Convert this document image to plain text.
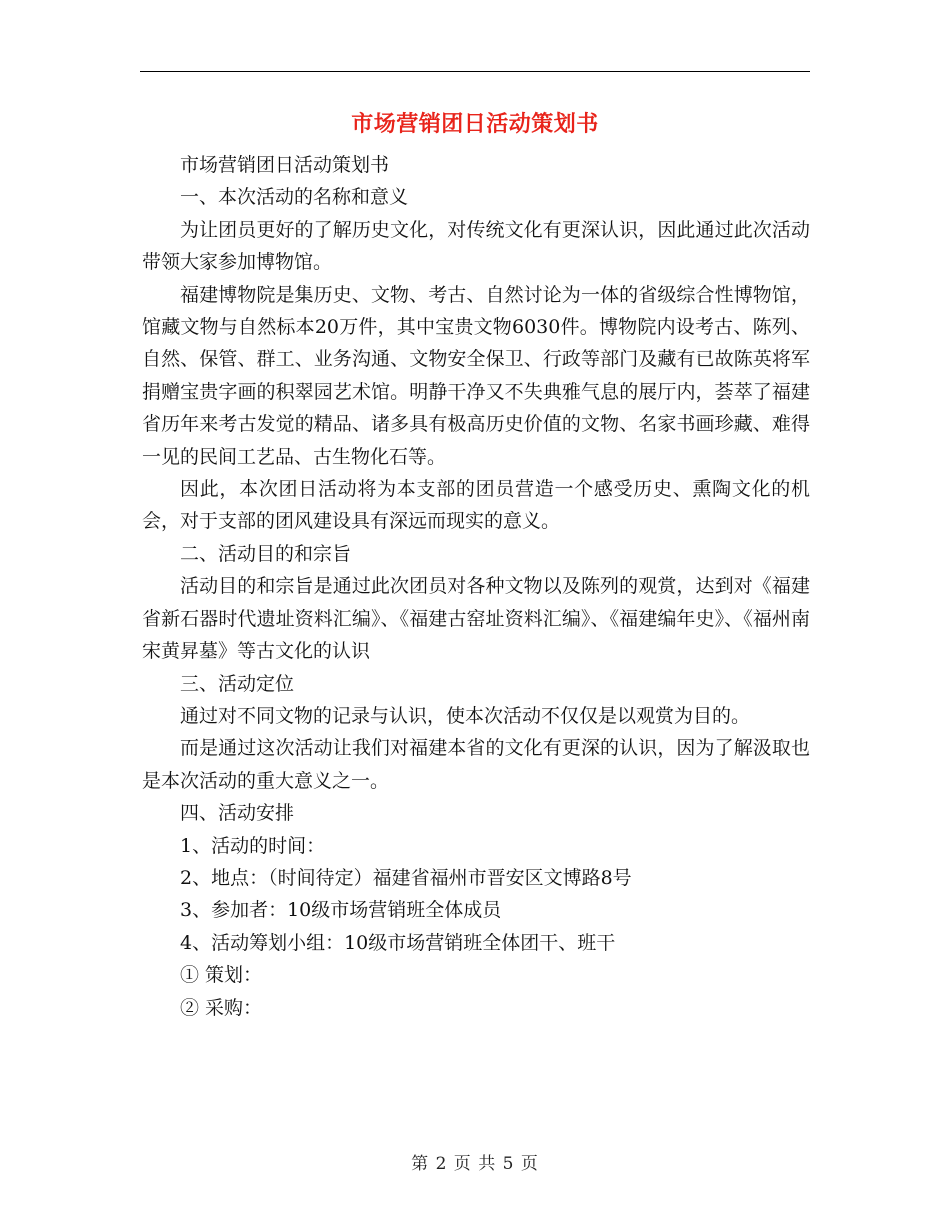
市场营销团日活动策划书

市场营销团日活动策划书

一、本次活动的名称和意义

为让团员更好的了解历史文化，对传统文化有更深认识，因此通过此次活动带领大家参加博物馆。

福建博物院是集历史、文物、考古、自然讨论为一体的省级综合性博物馆，馆藏文物与自然标本20万件，其中宝贵文物6030件。博物院内设考古、陈列、自然、保管、群工、业务沟通、文物安全保卫、行政等部门及藏有已故陈英将军捐赠宝贵字画的积翠园艺术馆。明静干净又不失典雅气息的展厅内，荟萃了福建省历年来考古发觉的精品、诸多具有极高历史价值的文物、名家书画珍藏、难得一见的民间工艺品、古生物化石等。

因此，本次团日活动将为本支部的团员营造一个感受历史、熏陶文化的机会，对于支部的团风建设具有深远而现实的意义。

二、活动目的和宗旨

活动目的和宗旨是通过此次团员对各种文物以及陈列的观赏，达到对《福建省新石器时代遗址资料汇编》、《福建古窑址资料汇编》、《福建编年史》、《福州南宋黄昇墓》等古文化的认识

三、活动定位

通过对不同文物的记录与认识，使本次活动不仅仅是以观赏为目的。

而是通过这次活动让我们对福建本省的文化有更深的认识，因为了解汲取也是本次活动的重大意义之一。

四、活动安排

1、活动的时间：

2、地点：（时间待定）福建省福州市晋安区文博路8号

3、参加者：10级市场营销班全体成员

4、活动筹划小组：10级市场营销班全体团干、班干

① 策划：

② 采购：

第 2 页 共 5 页
